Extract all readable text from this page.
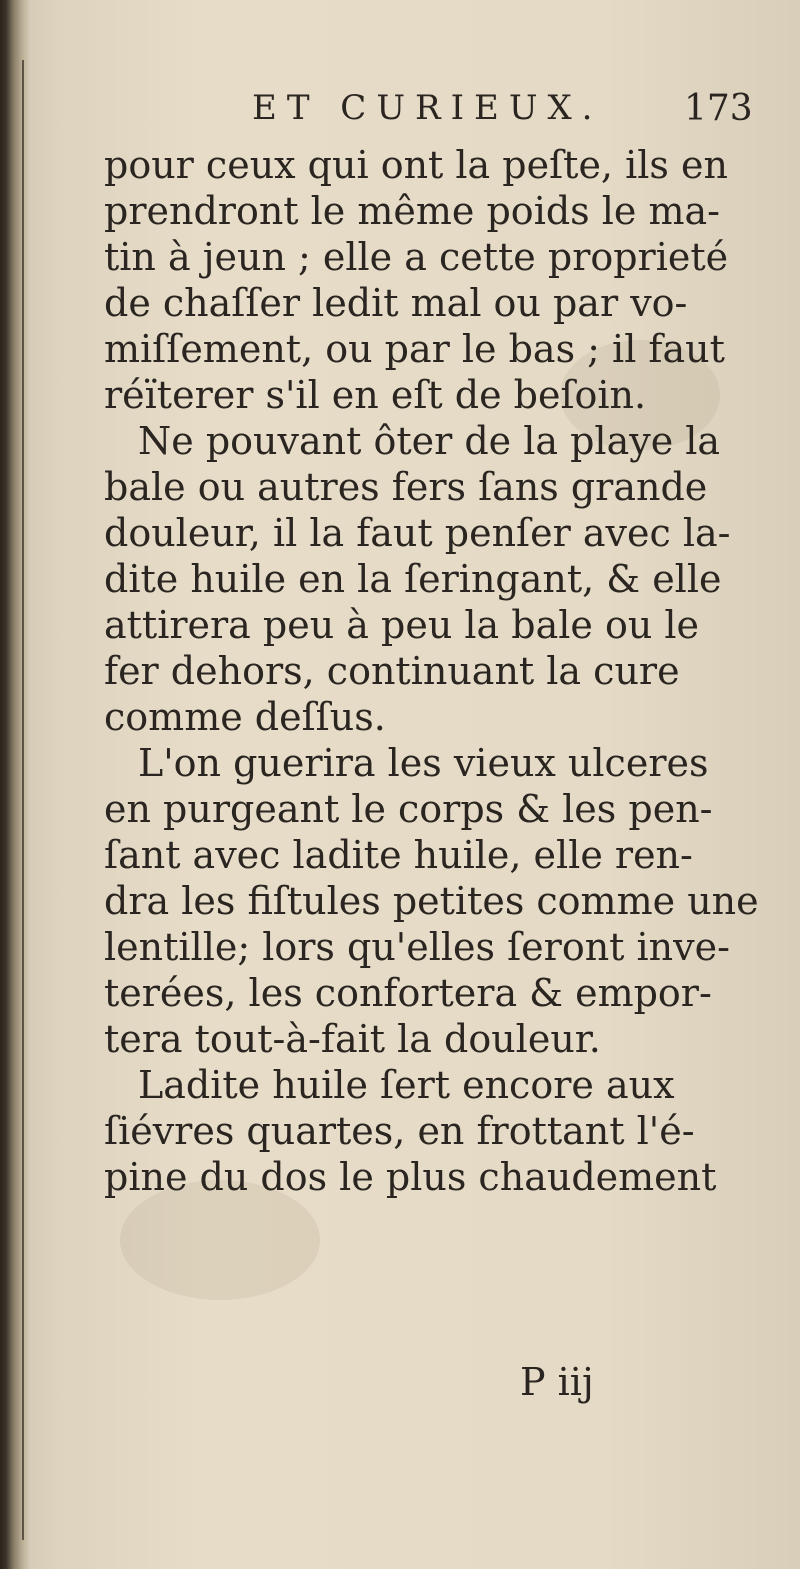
ET CURIEUX. 173
pour ceux qui ont la peſte, ils en
prendront le même poids le ma-
tin à jeun ; elle a cette proprieté
de chaſſer ledit mal ou par vo-
miſſement, ou par le bas ; il faut
réïterer s'il en eſt de beſoin.
Ne pouvant ôter de la playe la
bale ou autres fers ſans grande
douleur, il la faut penſer avec la-
dite huile en la ſeringant, & elle
attirera peu à peu la bale ou le
fer dehors, continuant la cure
comme deſſus.
L'on guerira les vieux ulceres
en purgeant le corps & les pen-
ſant avec ladite huile, elle ren-
dra les fiſtules petites comme une
lentille; lors qu'elles ſeront inve-
terées, les confortera & empor-
tera tout-à-fait la douleur.
Ladite huile ſert encore aux
ſiévres quartes, en frottant l'é-
pine du dos le plus chaudement
P iij
